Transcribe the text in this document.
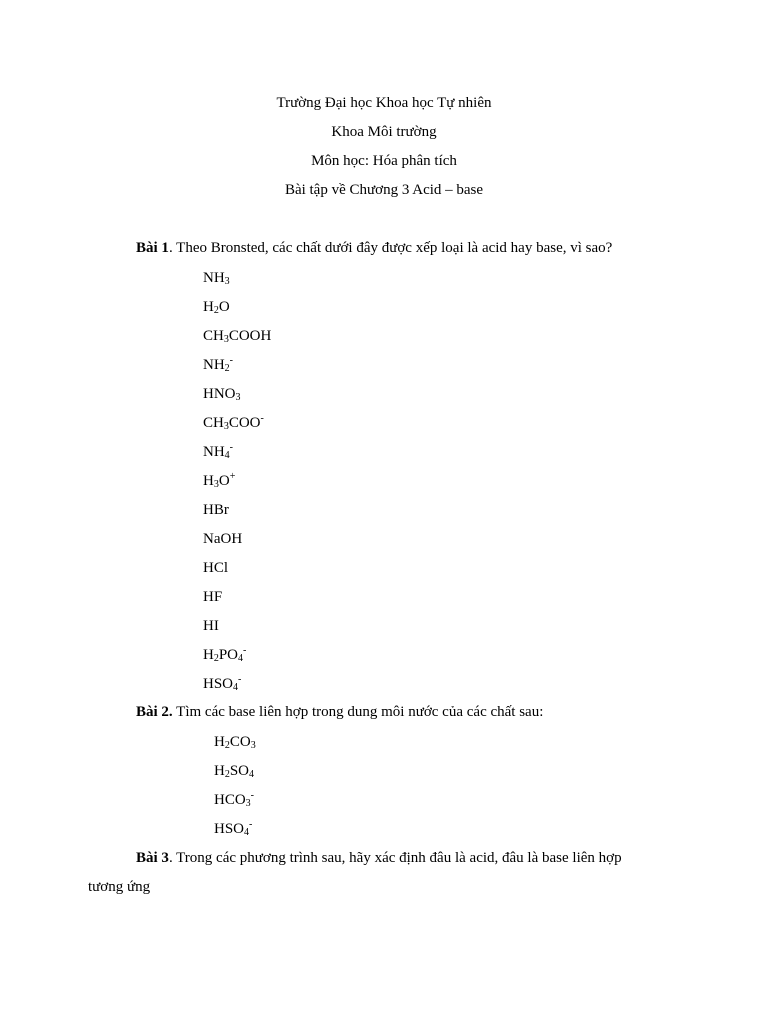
Trường Đại học Khoa học Tự nhiên
Khoa Môi trường
Môn học: Hóa phân tích
Bài tập về Chương 3 Acid – base
Bài 1. Theo Bronsted, các chất dưới đây được xếp loại là acid hay base, vì sao?
$NH_3$
$H_2O$
$CH_3COOH$
$NH_2^-$
$HNO_3$
$CH_3COO^-$
$NH_4^-$
$H_3O^+$
HBr
NaOH
HCl
HF
HI
$H_2PO_4^-$
$HSO_4^-$
Bài 2. Tìm các base liên hợp trong dung môi nước của các chất sau:
$H_2CO_3$
$H_2SO_4$
$HCO_3^-$
$HSO_4^-$
Bài 3. Trong các phương trình sau, hãy xác định đâu là acid, đâu là base liên hợp
tương ứng
